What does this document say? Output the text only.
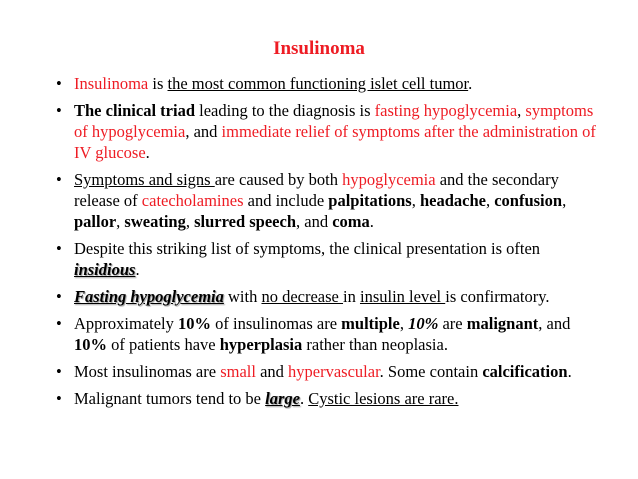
Insulinoma
• Insulinoma is the most common functioning islet cell tumor.
• The clinical triad leading to the diagnosis is fasting hypoglycemia, symptoms of hypoglycemia, and immediate relief of symptoms after the administration of IV glucose.
• Symptoms and signs are caused by both hypoglycemia and the secondary release of catecholamines and include palpitations, headache, confusion, pallor, sweating, slurred speech, and coma.
• Despite this striking list of symptoms, the clinical presentation is often insidious.
• Fasting hypoglycemia with no decrease in insulin level is confirmatory.
• Approximately 10% of insulinomas are multiple, 10% are malignant, and 10% of patients have hyperplasia rather than neoplasia.
• Most insulinomas are small and hypervascular. Some contain calcification.
• Malignant tumors tend to be large. Cystic lesions are rare.
